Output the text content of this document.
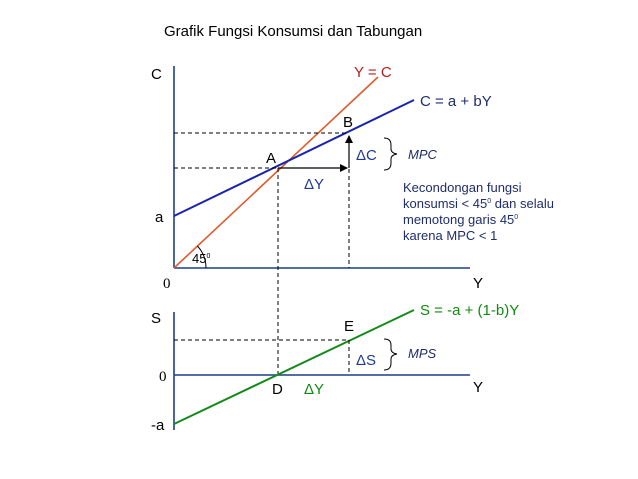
Grafik Fungsi Konsumsi dan Tabungan
C
Y
0
a
Y = C
C = a + bY
$45^0$
A
B
ΔY
ΔC MPC
Kecondongan fungsi
konsumsi < $45^0$ dan selalu
memotong garis $45^0$
karena MPC < 1
S
Y
0
-a
S = -a + (1-b)Y
E
D ΔY
ΔS MPS
